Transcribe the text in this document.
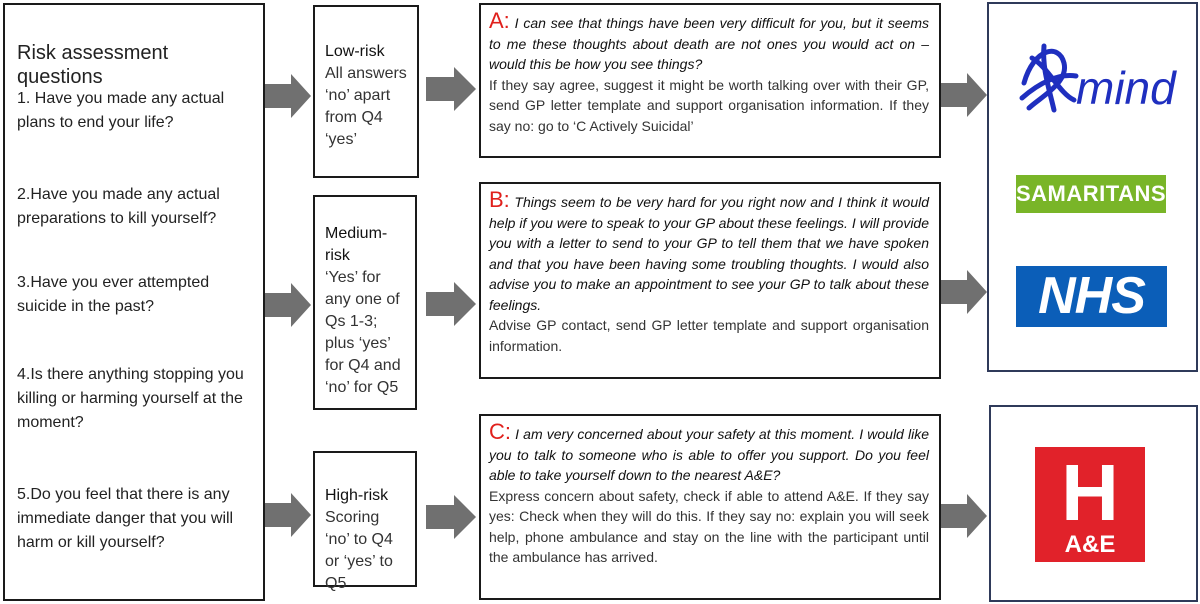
Risk assessment questions
1. Have you made any actual plans to end your life?
2.Have you made any actual preparations to kill yourself?
3.Have you ever attempted suicide in the past?
4.Is there anything stopping you killing or harming yourself at the moment?
5.Do you feel that there is any immediate danger that you will harm or kill yourself?
Low-risk
All answers ‘no’ apart from Q4 ‘yes’
Medium-risk
‘Yes’ for any one of Qs 1-3; plus ‘yes’ for Q4 and ‘no’ for Q5
High-risk
Scoring ‘no’ to Q4 or ‘yes’ to Q5
A: I can see that things have been very difficult for you, but it seems to me these thoughts about death are not ones you would act on – would this be how you see things?
If they say agree, suggest it might be worth talking over with their GP, send GP letter template and support organisation information. If they say no: go to ‘C Actively Suicidal’
B: Things seem to be very hard for you right now and I think it would help if you were to speak to your GP about these feelings. I will provide you with a letter to send to your GP to tell them that we have spoken and that you have been having some troubling thoughts. I would also advise you to make an appointment to see your GP to talk about these feelings.
Advise GP contact, send GP letter template and support organisation information.
C: I am very concerned about your safety at this moment. I would like you to talk to someone who is able to offer you support. Do you feel able to take yourself down to the nearest A&E?
Express concern about safety, check if able to attend A&E. If they say yes: Check when they will do this. If they say no: explain you will seek help, phone ambulance and stay on the line with the participant until the ambulance has arrived.
mind
SAMARITANS
NHS
H
A&E
